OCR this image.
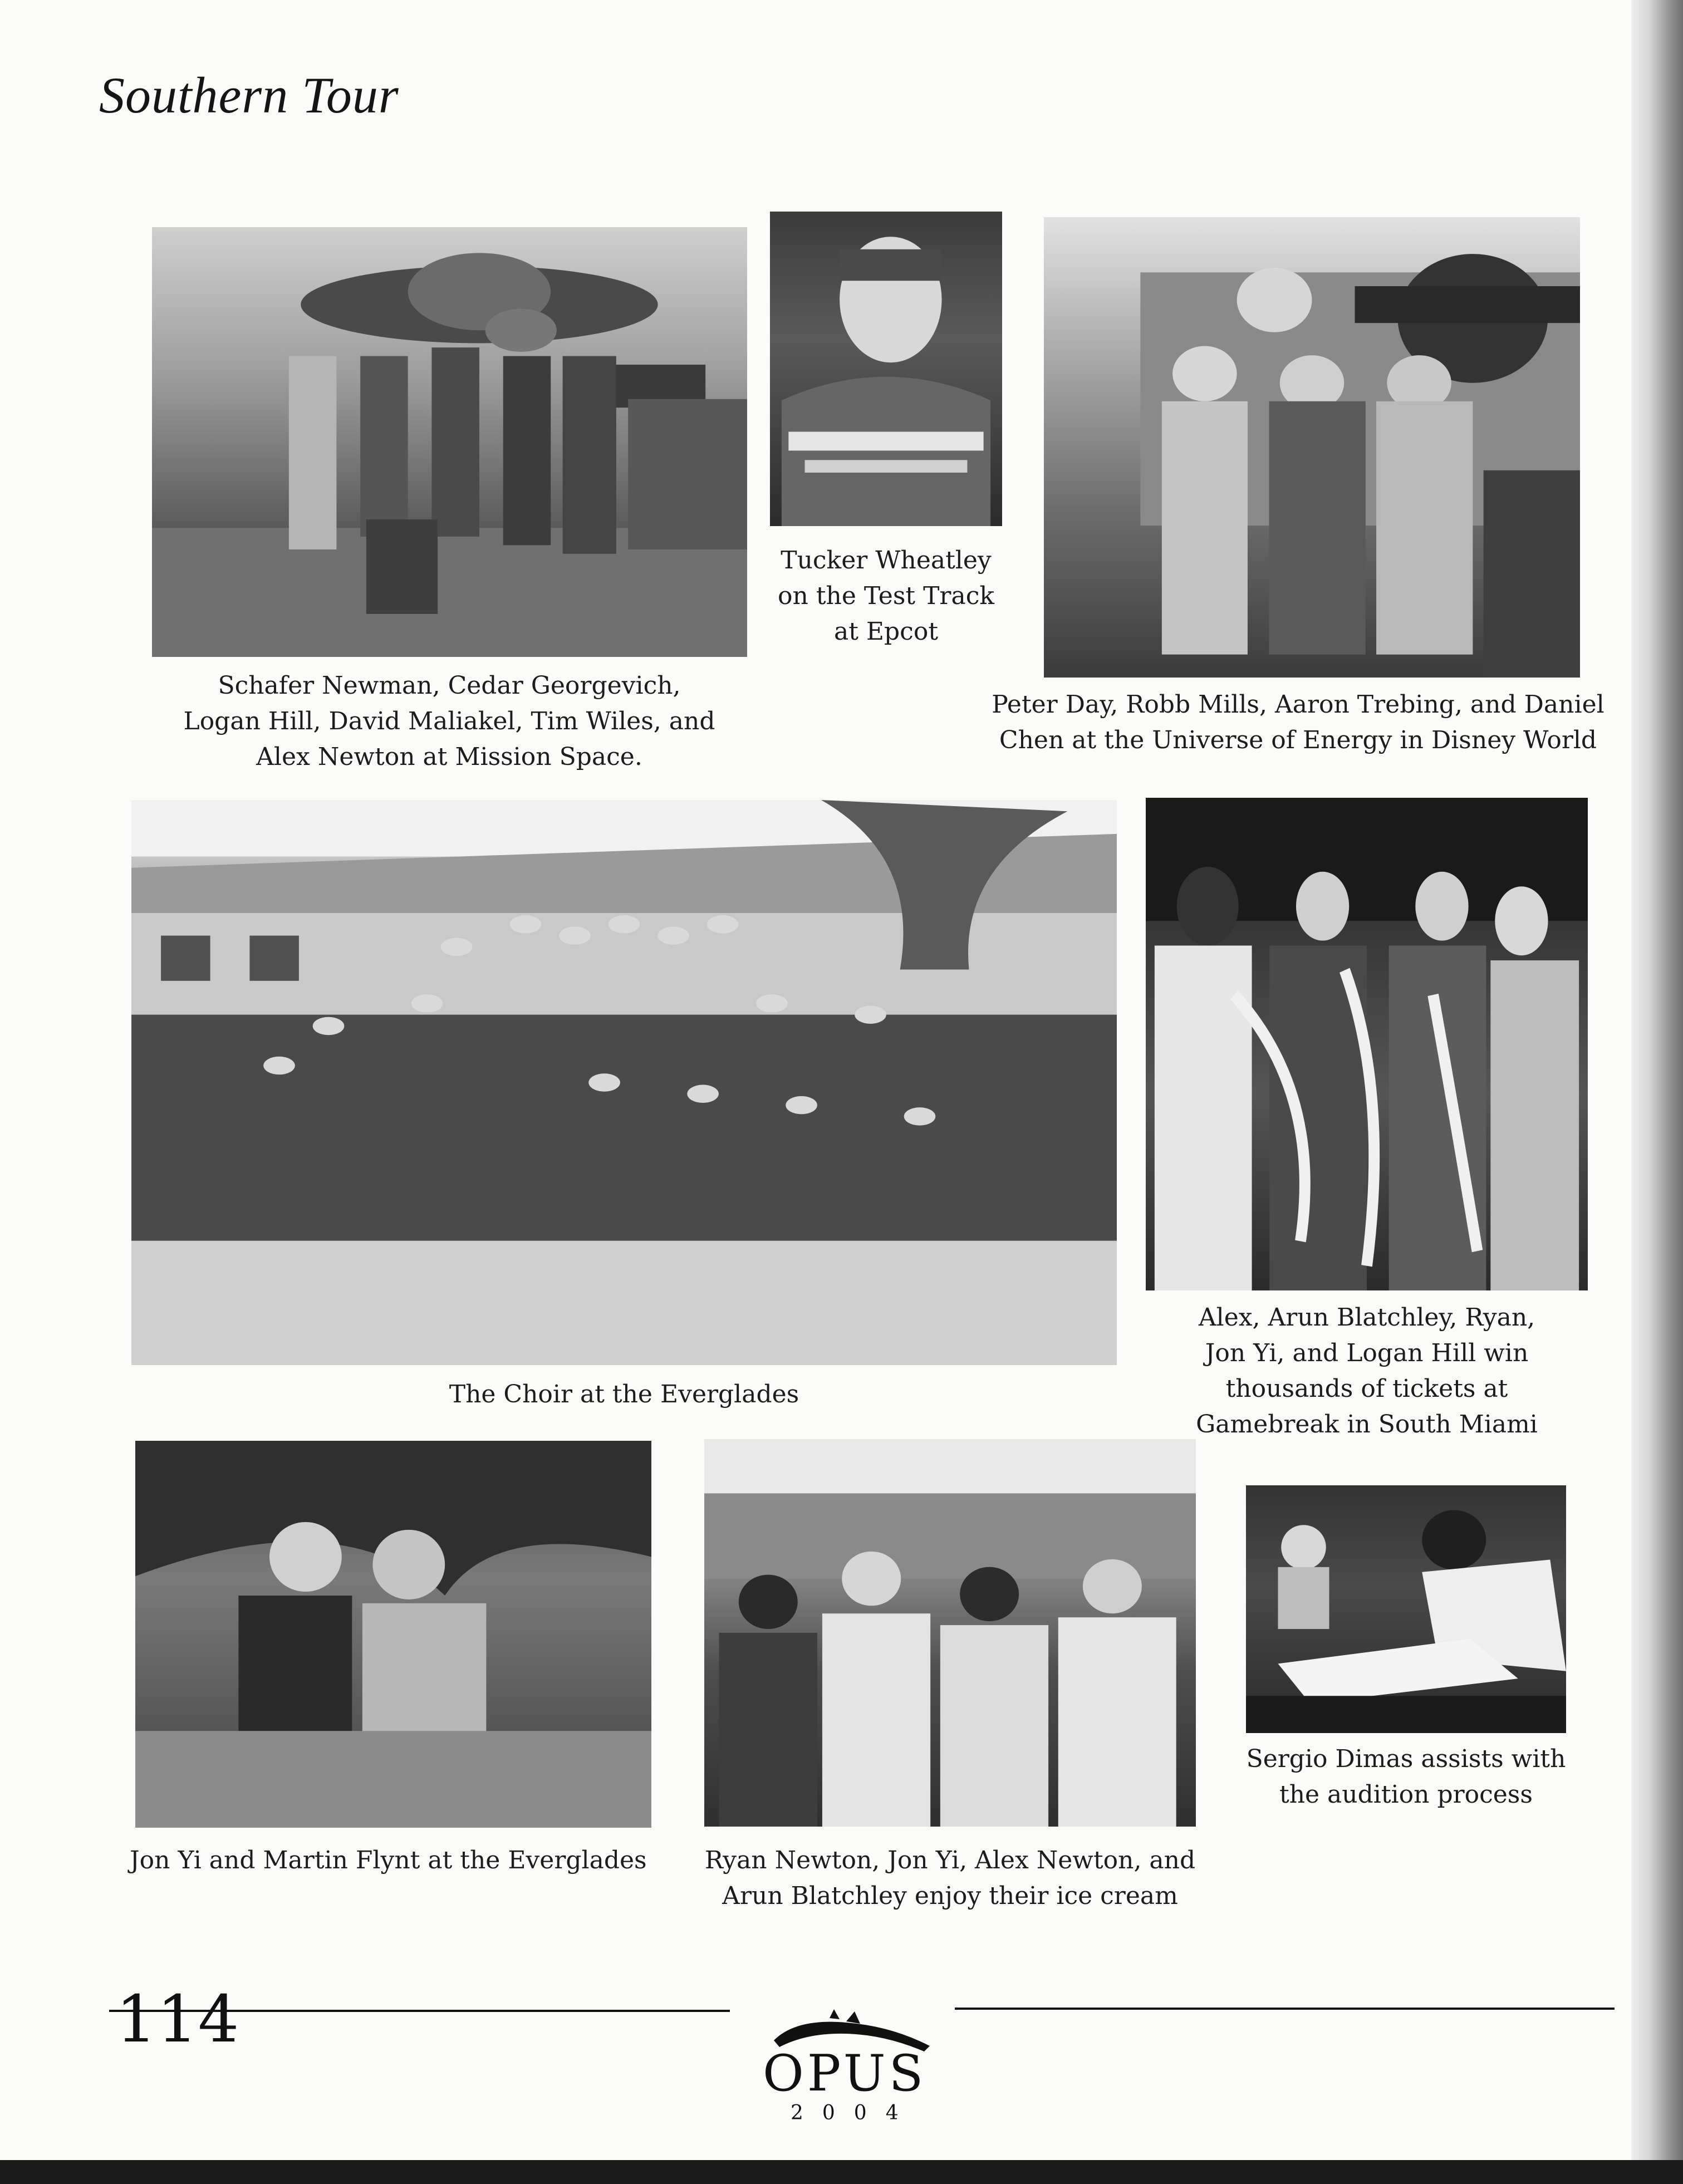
Southern Tour
Schafer Newman, Cedar Georgevich, Logan Hill, David Maliakel, Tim Wiles, and Alex Newton at Mission Space.
Tucker Wheatley on the Test Track at Epcot
Peter Day, Robb Mills, Aaron Trebing, and Daniel Chen at the Universe of Energy in Disney World
The Choir at the Everglades
Alex, Arun Blatchley, Ryan, Jon Yi, and Logan Hill win thousands of tickets at Gamebreak in South Miami
Jon Yi and Martin Flynt at the Everglades	Ryan Newton, Jon Yi, Alex Newton, and Arun Blatchley enjoy their ice cream
Sergio Dimas assists with the audition process
114
OPUS
2004
